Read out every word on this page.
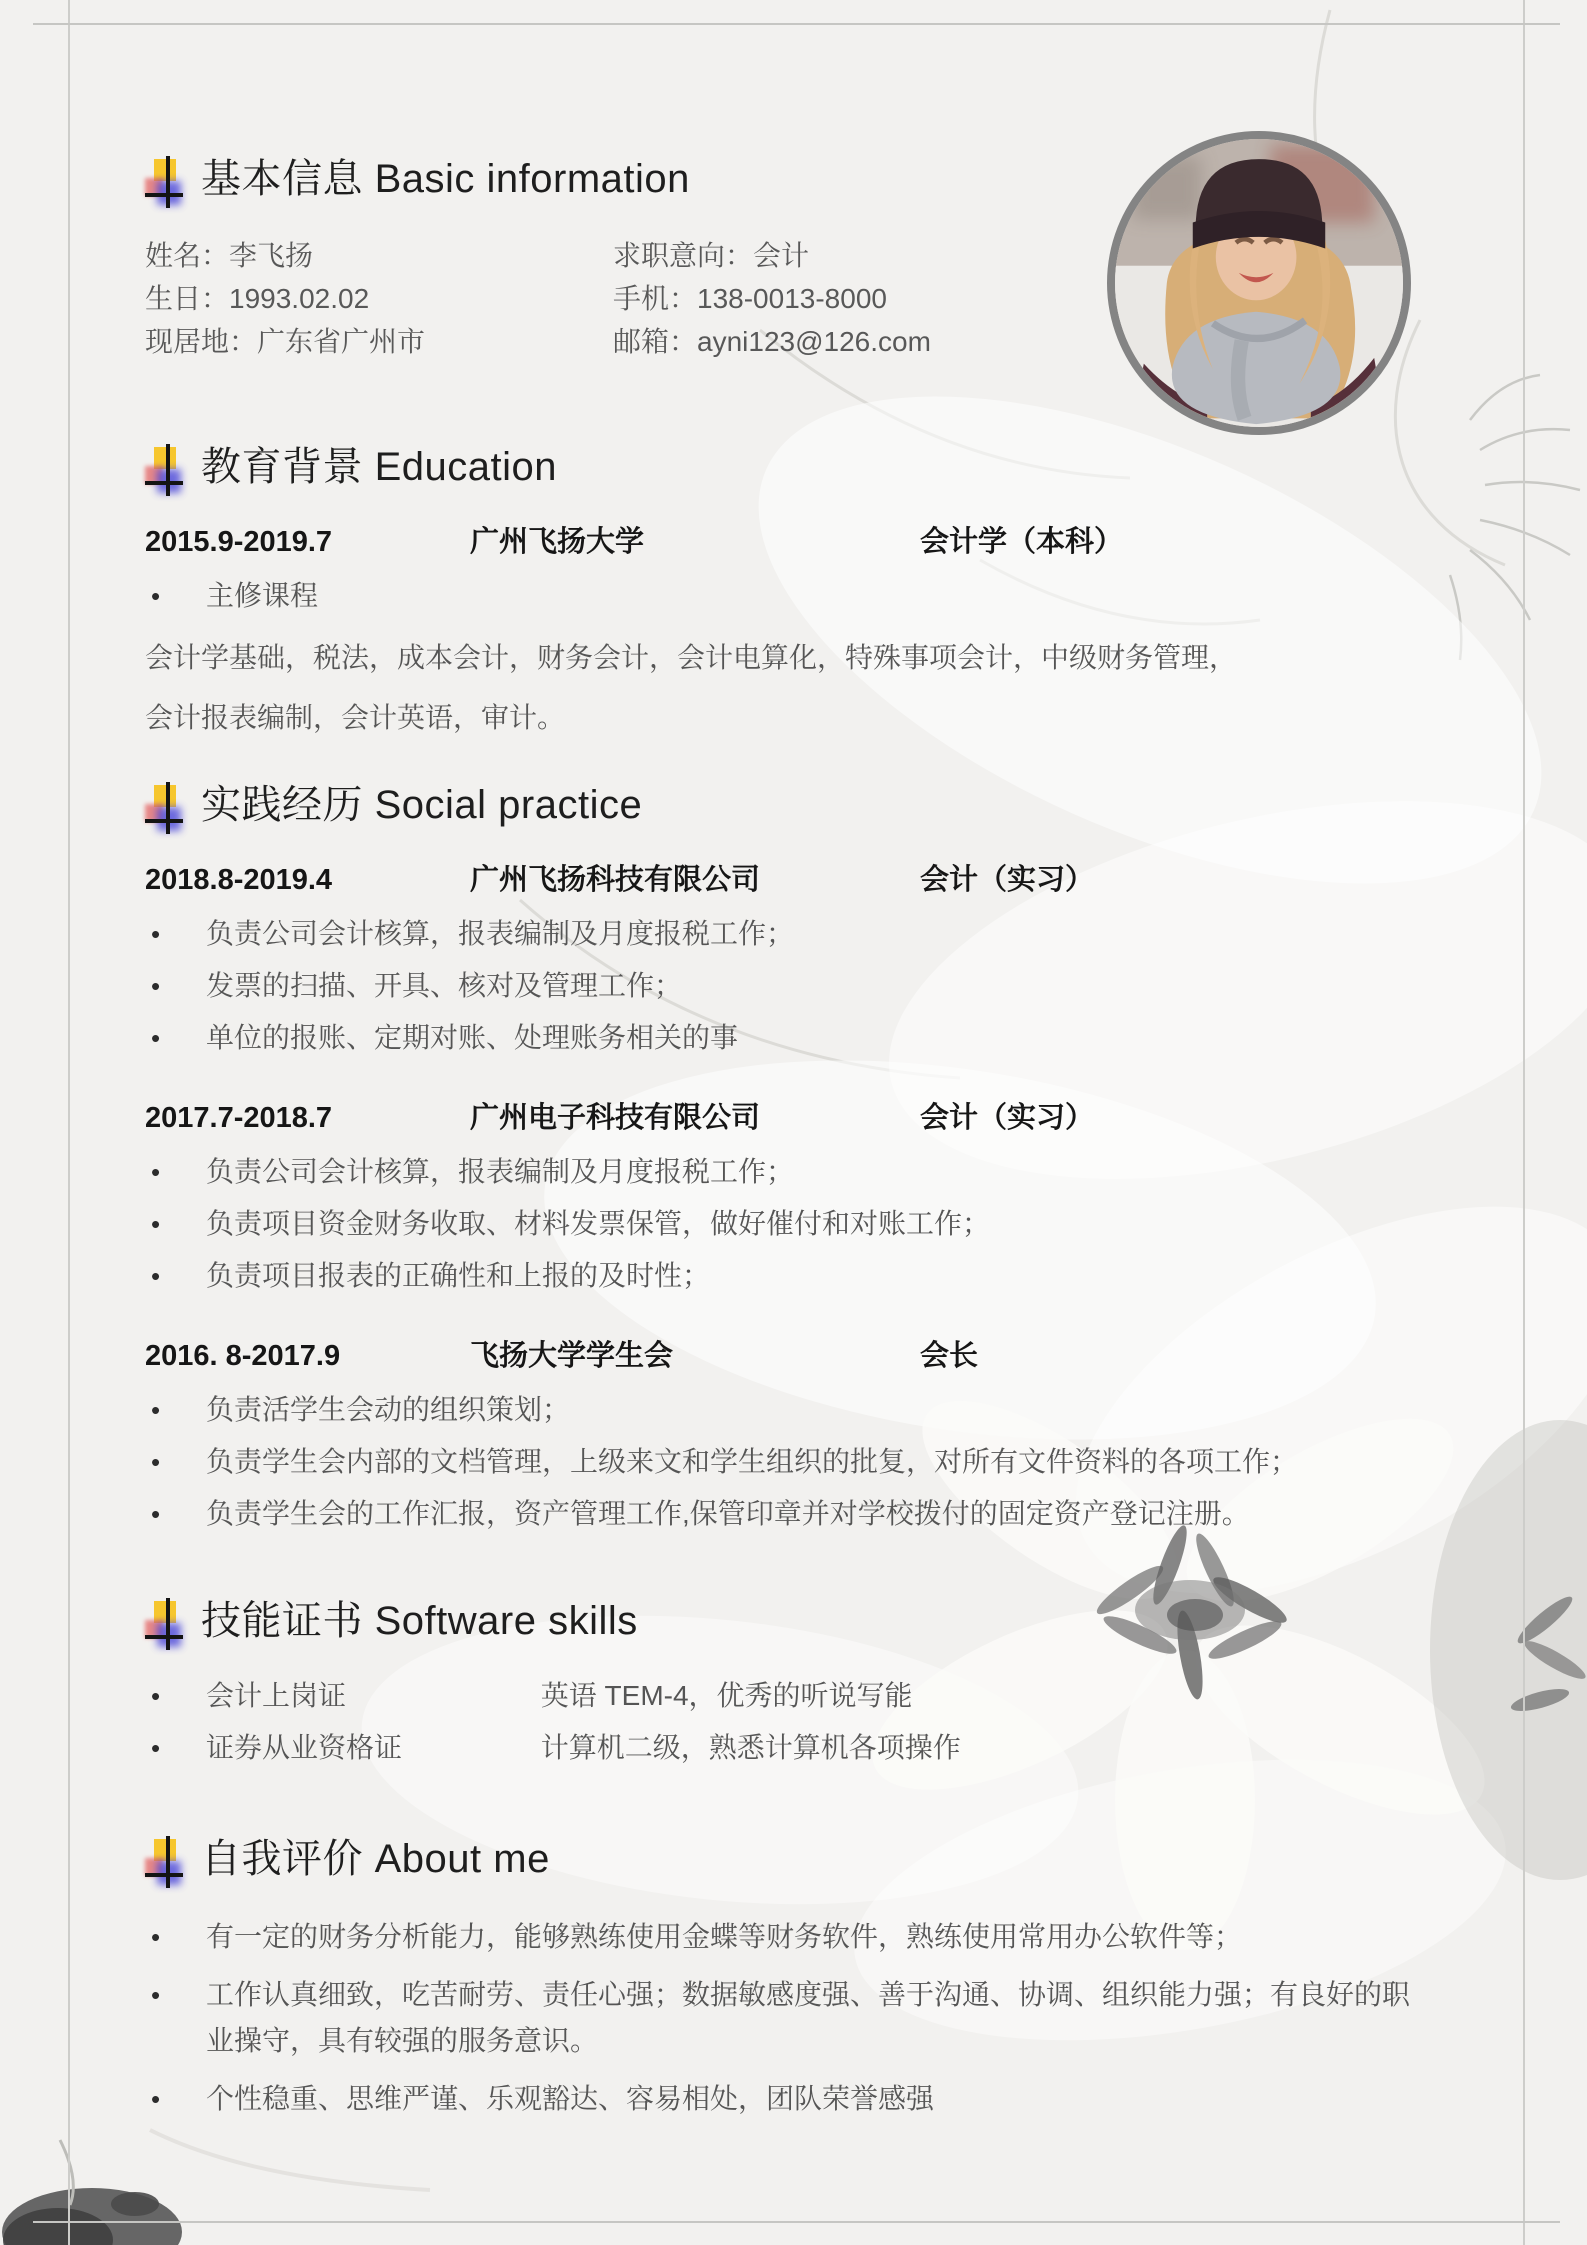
基本信息 Basic information
姓名：李飞扬	求职意向：会计
生日：1993.02.02	手机：138-0013-8000
现居地：广东省广州市	邮箱：ayni123@126.com
教育背景 Education
2015.9-2019.7	广州飞扬大学	会计学（本科）
• 主修课程
会计学基础，税法，成本会计，财务会计，会计电算化，特殊事项会计，中级财务管理，
会计报表编制，会计英语，审计。
实践经历 Social practice
2018.8-2019.4	广州飞扬科技有限公司	会计（实习）
• 负责公司会计核算，报表编制及月度报税工作；
• 发票的扫描、开具、核对及管理工作；
• 单位的报账、定期对账、处理账务相关的事
2017.7-2018.7	广州电子科技有限公司	会计（实习）
• 负责公司会计核算，报表编制及月度报税工作；
• 负责项目资金财务收取、材料发票保管，做好催付和对账工作；
• 负责项目报表的正确性和上报的及时性；
2016. 8-2017.9	飞扬大学学生会	会长
• 负责活学生会动的组织策划；
• 负责学生会内部的文档管理，上级来文和学生组织的批复，对所有文件资料的各项工作；
• 负责学生会的工作汇报，资产管理工作,保管印章并对学校拨付的固定资产登记注册。
技能证书 Software skills
• 会计上岗证	英语 TEM-4，优秀的听说写能
• 证券从业资格证	计算机二级，熟悉计算机各项操作
自我评价 About me
• 有一定的财务分析能力，能够熟练使用金蝶等财务软件，熟练使用常用办公软件等；
• 工作认真细致，吃苦耐劳、责任心强；数据敏感度强、善于沟通、协调、组织能力强；有良好的职业操守，具有较强的服务意识。
• 个性稳重、思维严谨、乐观豁达、容易相处，团队荣誉感强
